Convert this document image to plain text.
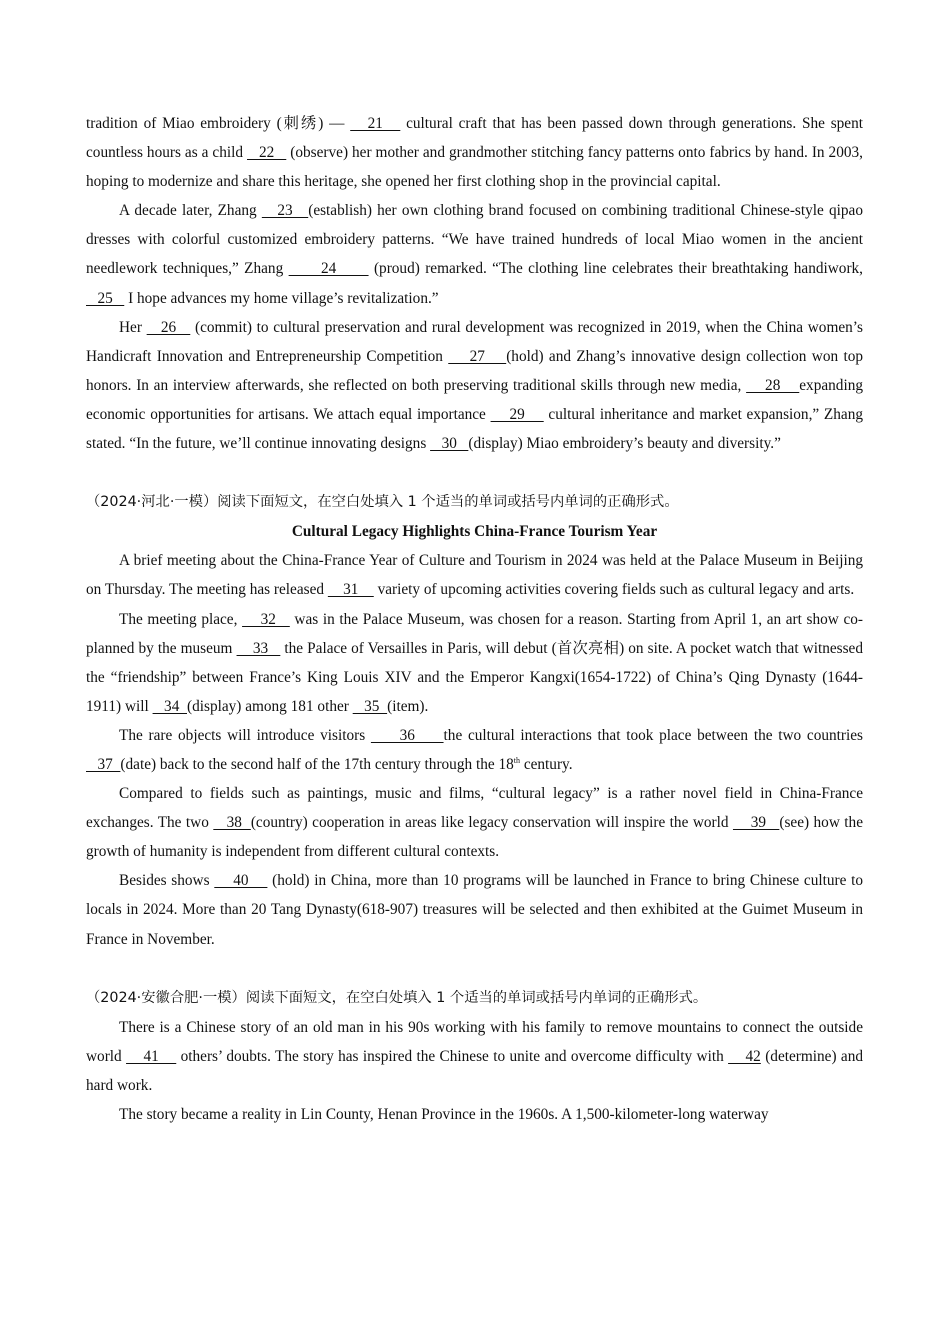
tradition of Miao embroidery (刺绣) —    21    cultural craft that has been passed down through generations. She spent countless hours as a child    22    (observe) her mother and grandmother stitching fancy patterns onto fabrics by hand. In 2003, hoping to modernize and share this heritage, she opened her first clothing shop in the provincial capital.

A decade later, Zhang    23   (establish) her own clothing brand focused on combining traditional Chinese-style qipao dresses with colorful customized embroidery patterns. “We have trained hundreds of local Miao women in the ancient needlework techniques,” Zhang       24       (proud) remarked. “The clothing line celebrates their breathtaking handiwork,    25    I hope advances my home village’s revitalization.”

Her    26    (commit) to cultural preservation and rural development was recognized in 2019, when the China women’s Handicraft Innovation and Entrepreneurship Competition     27    (hold) and Zhang’s innovative design collection won top honors. In an interview afterwards, she reflected on both preserving traditional skills through new media,     28    expanding economic opportunities for artisans. We attach equal importance     29     cultural inheritance and market expansion,” Zhang stated. “In the future, we’ll continue innovating designs    30   (display) Miao embroidery’s beauty and diversity.”

（2024·河北·一模）阅读下面短文，在空白处填入 1 个适当的单词或括号内单词的正确形式。

Cultural Legacy Highlights China-France Tourism Year

A brief meeting about the China-France Year of Culture and Tourism in 2024 was held at the Palace Museum in Beijing on Thursday. The meeting has released     31     variety of upcoming activities covering fields such as cultural legacy and arts.

The meeting place,     32    was in the Palace Museum, was chosen for a reason. Starting from April 1, an art show co-planned by the museum     33    the Palace of Versailles in Paris, will debut (首次亮相) on site. A pocket watch that witnessed the “friendship” between France’s King Louis XIV and the Emperor Kangxi(1654-1722) of China’s Qing Dynasty (1644-1911) will    34  (display) among 181 other    35  (item).

The rare objects will introduce visitors      36     the cultural interactions that took place between the two countries    37  (date) back to the second half of the 17th century through the 18th century.

Compared to fields such as paintings, music and films, “cultural legacy” is a rather novel field in China-France exchanges. The two    38  (country) cooperation in areas like legacy conservation will inspire the world     39   (see) how the growth of humanity is independent from different cultural contexts.

Besides shows     40     (hold) in China, more than 10 programs will be launched in France to bring Chinese culture to locals in 2024. More than 20 Tang Dynasty(618-907) treasures will be selected and then exhibited at the Guimet Museum in France in November.

（2024·安徽合肥·一模）阅读下面短文，在空白处填入 1 个适当的单词或括号内单词的正确形式。

There is a Chinese story of an old man in his 90s working with his family to remove mountains to connect the outside world     41     others’ doubts. The story has inspired the Chinese to unite and overcome difficulty with     42 (determine) and hard work.

The story became a reality in Lin County, Henan Province in the 1960s. A 1,500-kilometer-long waterway
